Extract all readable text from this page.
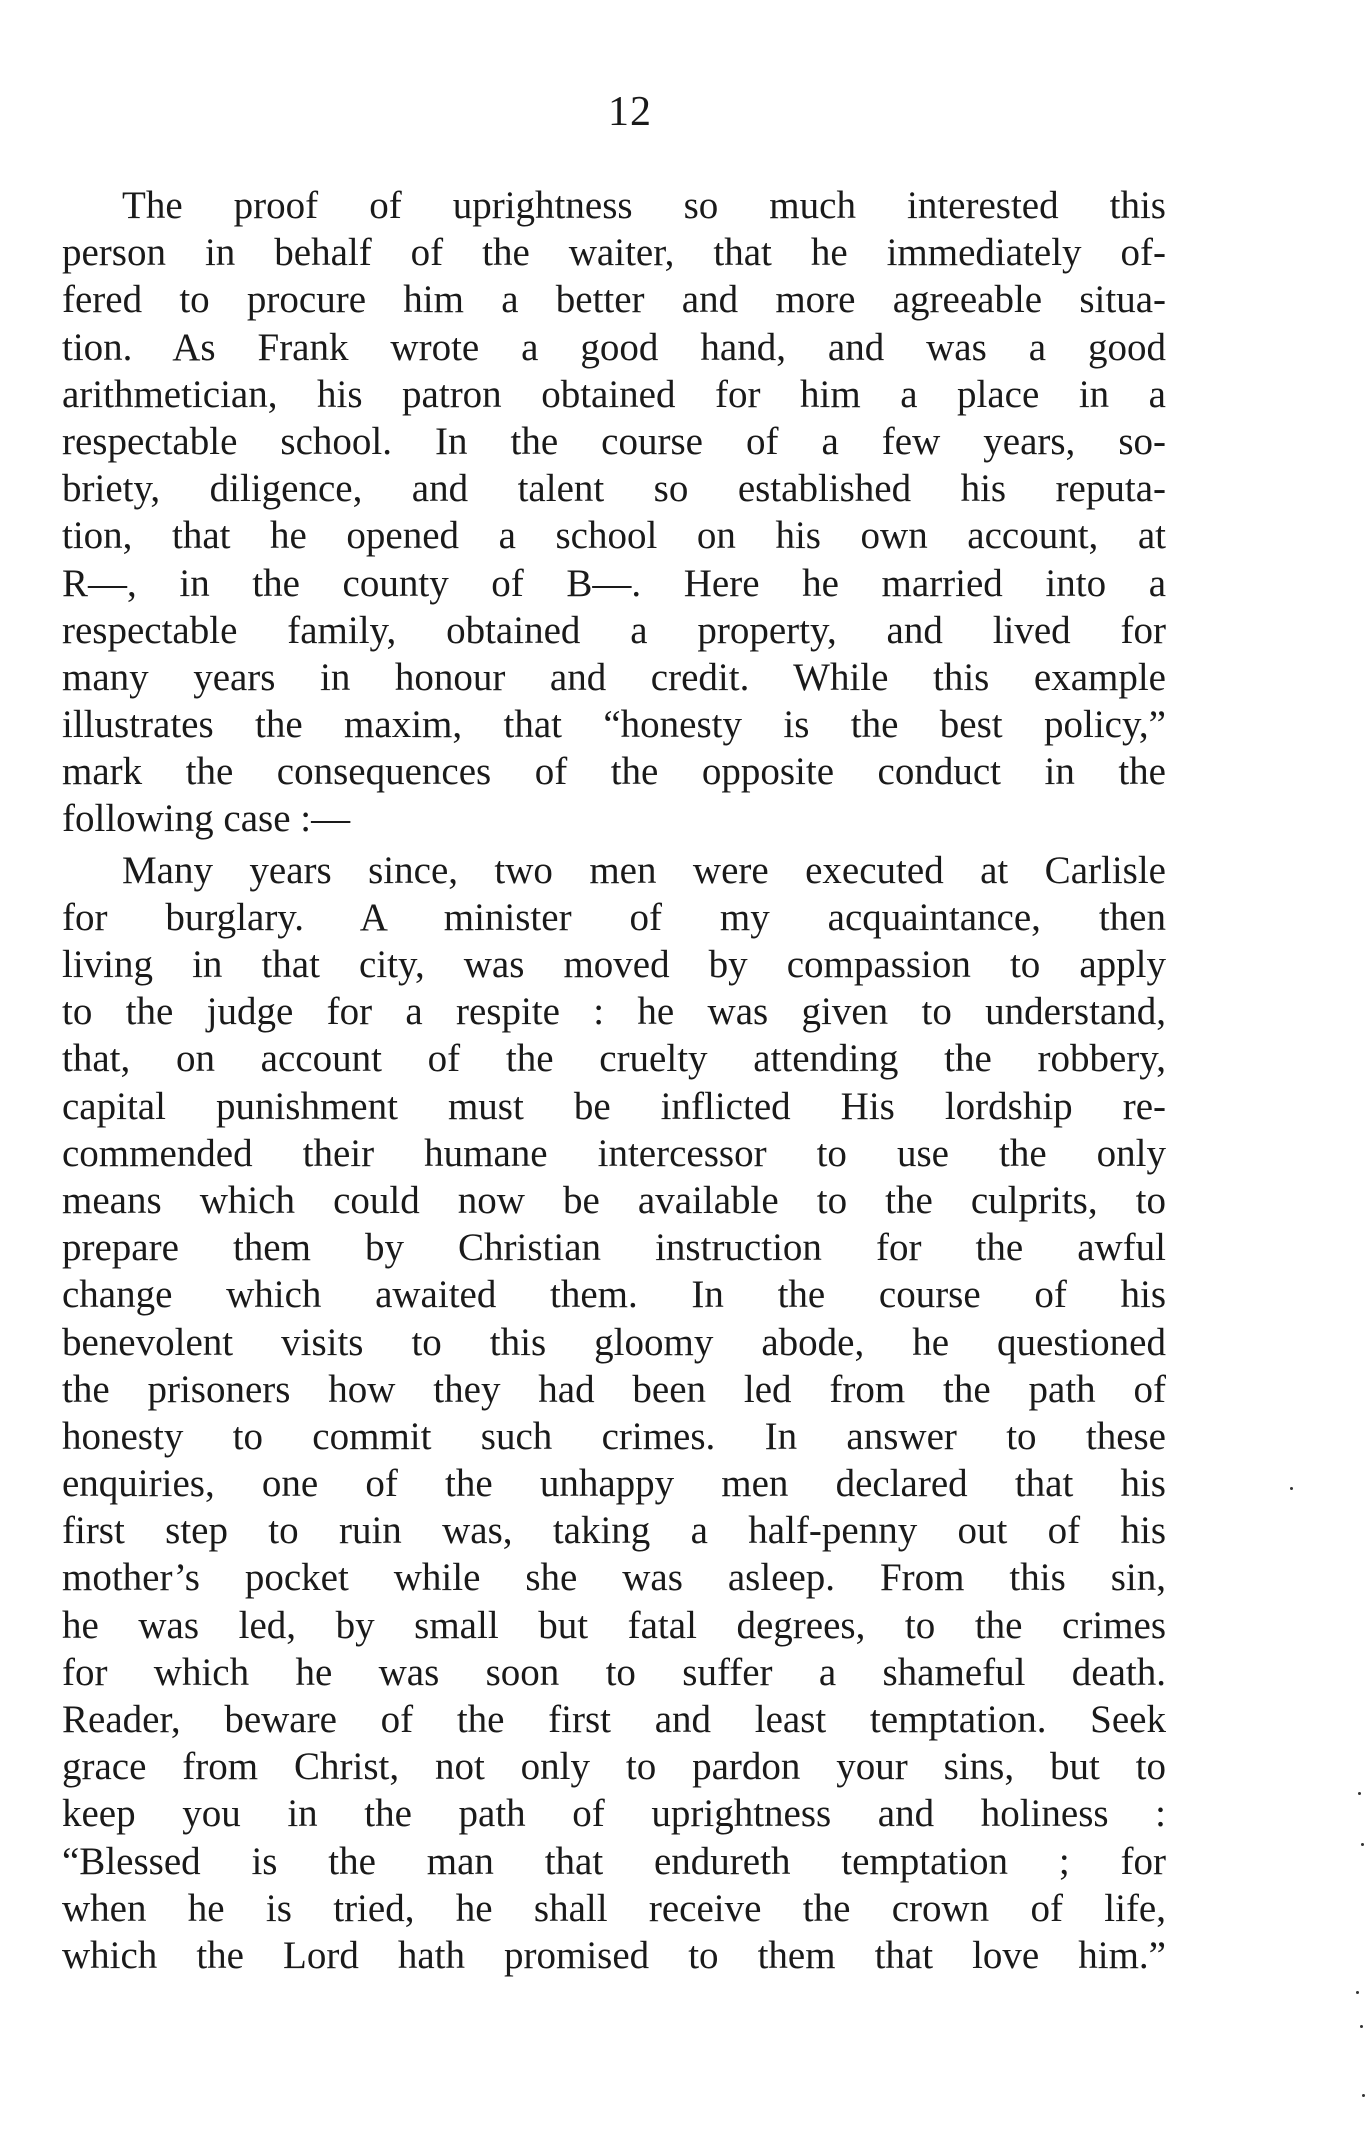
12
The proof of uprightness so much interested this
person in behalf of the waiter, that he immediately of-
fered to procure him a better and more agreeable situa-
tion. As Frank wrote a good hand, and was a good
arithmetician, his patron obtained for him a place in a
respectable school. In the course of a few years, so-
briety, diligence, and talent so established his reputa-
tion, that he opened a school on his own account, at
R—, in the county of B—. Here he married into a
respectable family, obtained a property, and lived for
many years in honour and credit. While this example
illustrates the maxim, that “honesty is the best policy,”
mark the consequences of the opposite conduct in the
following case :—
Many years since, two men were executed at Carlisle
for burglary. A minister of my acquaintance, then
living in that city, was moved by compassion to apply
to the judge for a respite : he was given to understand,
that, on account of the cruelty attending the robbery,
capital punishment must be inflicted His lordship re-
commended their humane intercessor to use the only
means which could now be available to the culprits, to
prepare them by Christian instruction for the awful
change which awaited them. In the course of his
benevolent visits to this gloomy abode, he questioned
the prisoners how they had been led from the path of
honesty to commit such crimes. In answer to these
enquiries, one of the unhappy men declared that his
first step to ruin was, taking a half-penny out of his
mother’s pocket while she was asleep. From this sin,
he was led, by small but fatal degrees, to the crimes
for which he was soon to suffer a shameful death.
Reader, beware of the first and least temptation. Seek
grace from Christ, not only to pardon your sins, but to
keep you in the path of uprightness and holiness :
“Blessed is the man that endureth temptation ; for
when he is tried, he shall receive the crown of life,
which the Lord hath promised to them that love him.”
